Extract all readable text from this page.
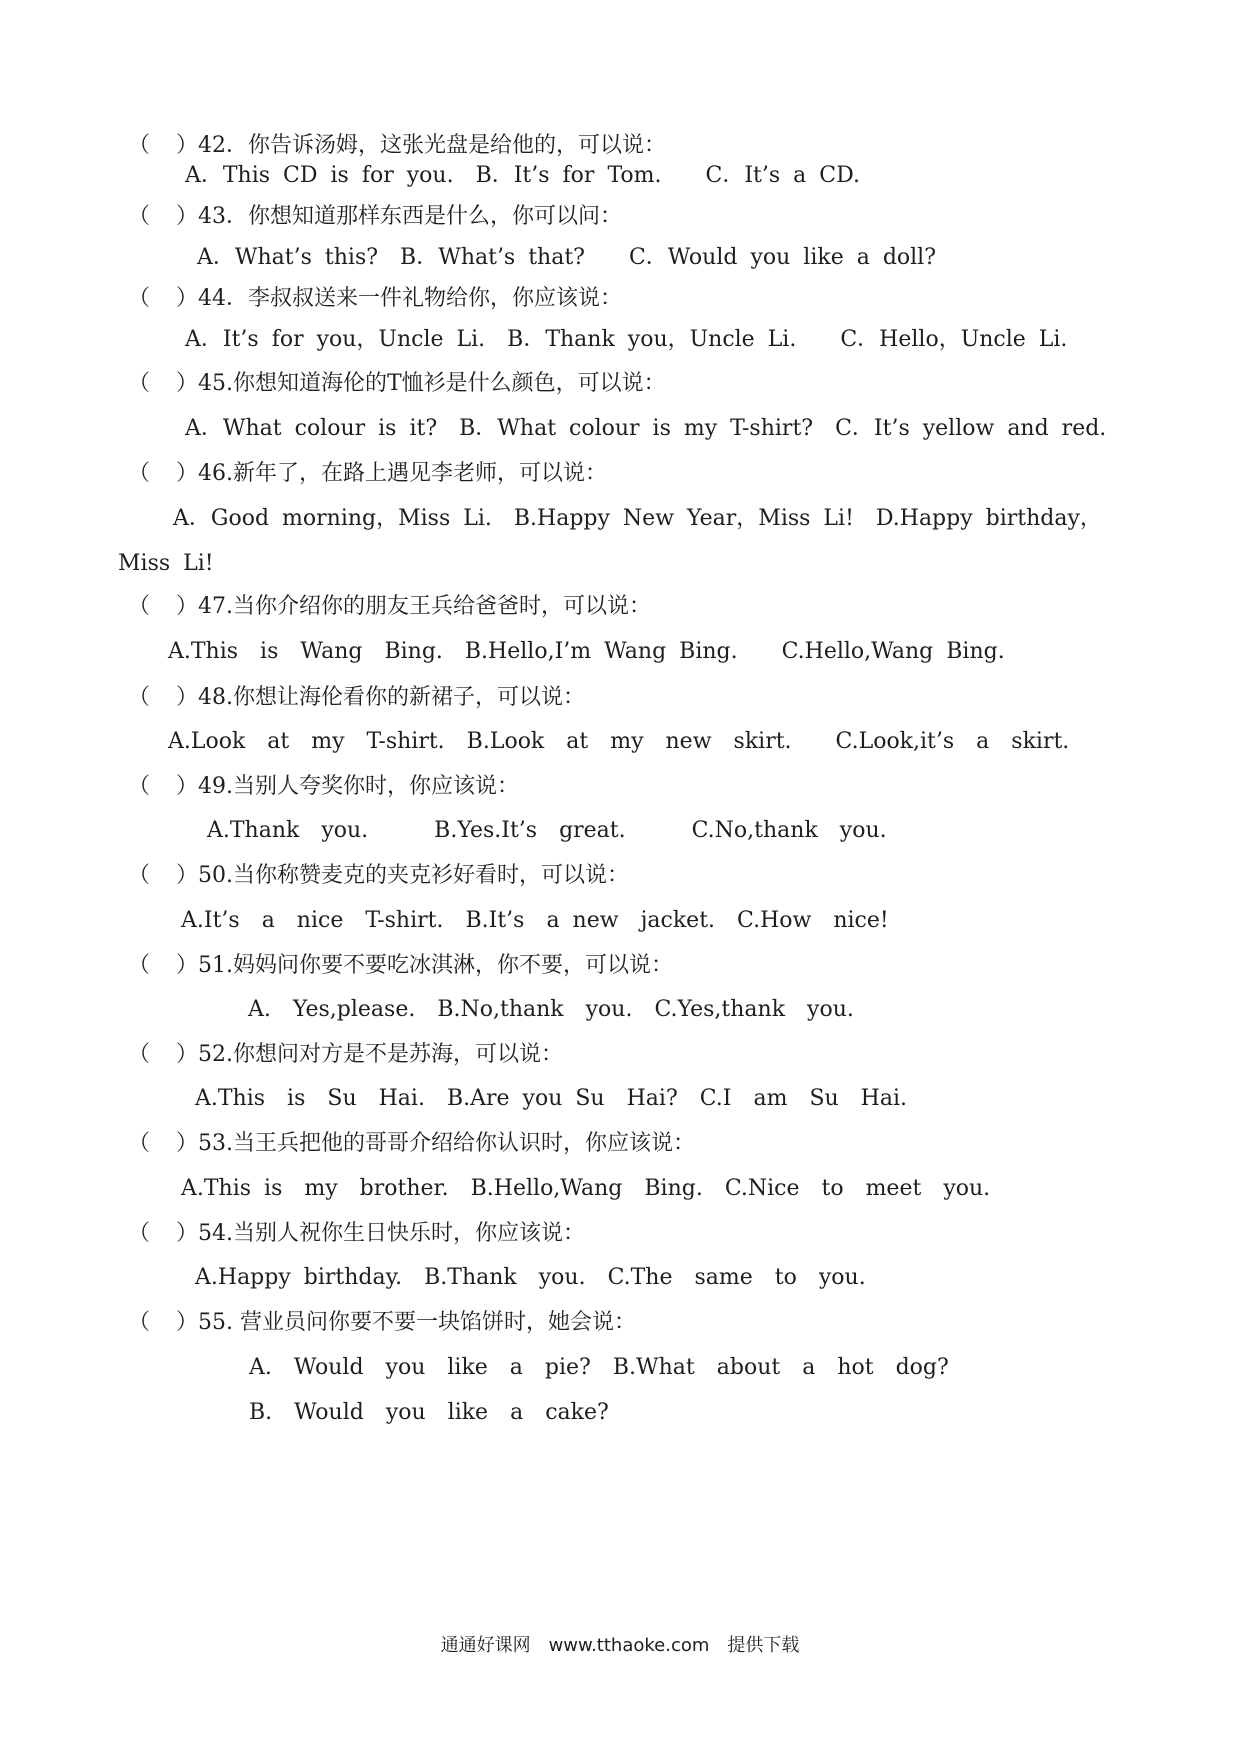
（ ）42．你告诉汤姆，这张光盘是给他的，可以说：
A．This CD is for you.　B．It’s for Tom.　　C．It’s a CD.
（ ）43．你想知道那样东西是什么，你可以问：
A．What’s this?　B．What’s that?　　C．Would you like a doll?
（ ）44．李叔叔送来一件礼物给你，你应该说：
A．It’s for you，Uncle Li.　B．Thank you，Uncle Li.　　C．Hello，Uncle Li.
（ ）45.你想知道海伦的T恤衫是什么颜色，可以说：
A．What colour is it?　B．What colour is my T-shirt?　C．It’s yellow and red.
（ ）46.新年了，在路上遇见李老师，可以说：
A．Good morning，Miss Li.　B.Happy New Year，Miss Li!　D.Happy birthday，
Miss Li!
（ ）47.当你介绍你的朋友王兵给爸爸时，可以说：
A.This　is　Wang　Bing.　B.Hello,I’m Wang Bing.　　C.Hello,Wang Bing.
（ ）48.你想让海伦看你的新裙子，可以说：
A.Look　at　my　T-shirt.　B.Look　at　my　new　skirt.　　C.Look,it’s　a　skirt.
（ ）49.当别人夸奖你时，你应该说：
A.Thank　you.　　　B.Yes.It’s　great.　　　C.No,thank　you.
（ ）50.当你称赞麦克的夹克衫好看时，可以说：
A.It’s　a　nice　T-shirt.　B.It’s　a new　jacket.　C.How　nice!
（ ）51.妈妈问你要不要吃冰淇淋，你不要，可以说：
A.　Yes,please.　B.No,thank　you.　C.Yes,thank　you.
（ ）52.你想问对方是不是苏海，可以说：
A.This　is　Su　Hai.　B.Are you Su　Hai?　C.I　am　Su　Hai.
（ ）53.当王兵把他的哥哥介绍给你认识时，你应该说：
A.This is　my　brother.　B.Hello,Wang　Bing.　C.Nice　to　meet　you.
（ ）54.当别人祝你生日快乐时，你应该说：
A.Happy birthday.　B.Thank　you.　C.The　same　to　you.
（ ）55. 营业员问你要不要一块馅饼时，她会说：
A.　Would　you　like　a　pie?　B.What　about　a　hot　dog?
B.　Would　you　like　a　cake?
通通好课网　www.tthaoke.com　提供下载
